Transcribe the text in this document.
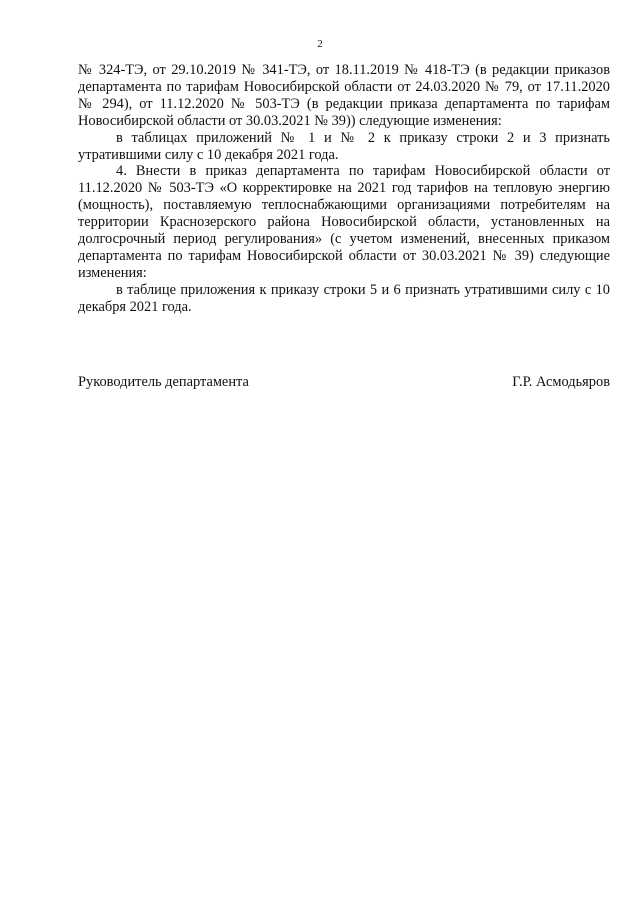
2

№ 324-ТЭ, от 29.10.2019 № 341-ТЭ, от 18.11.2019 № 418-ТЭ (в редакции приказов департамента по тарифам Новосибирской области от 24.03.2020 № 79, от 17.11.2020 № 294), от 11.12.2020 № 503-ТЭ (в редакции приказа департамента по тарифам Новосибирской области от 30.03.2021 № 39)) следующие изменения:

в таблицах приложений № 1 и № 2 к приказу строки 2 и 3 признать утратившими силу с 10 декабря 2021 года.

4. Внести в приказ департамента по тарифам Новосибирской области от 11.12.2020 № 503-ТЭ «О корректировке на 2021 год тарифов на тепловую энергию (мощность), поставляемую теплоснабжающими организациями потребителям на территории Краснозерского района Новосибирской области, установленных на долгосрочный период регулирования» (с учетом изменений, внесенных приказом департамента по тарифам Новосибирской области от 30.03.2021 № 39) следующие изменения:

в таблице приложения к приказу строки 5 и 6 признать утратившими силу с 10 декабря 2021 года.

Руководитель департамента	Г.Р. Асмодьяров
